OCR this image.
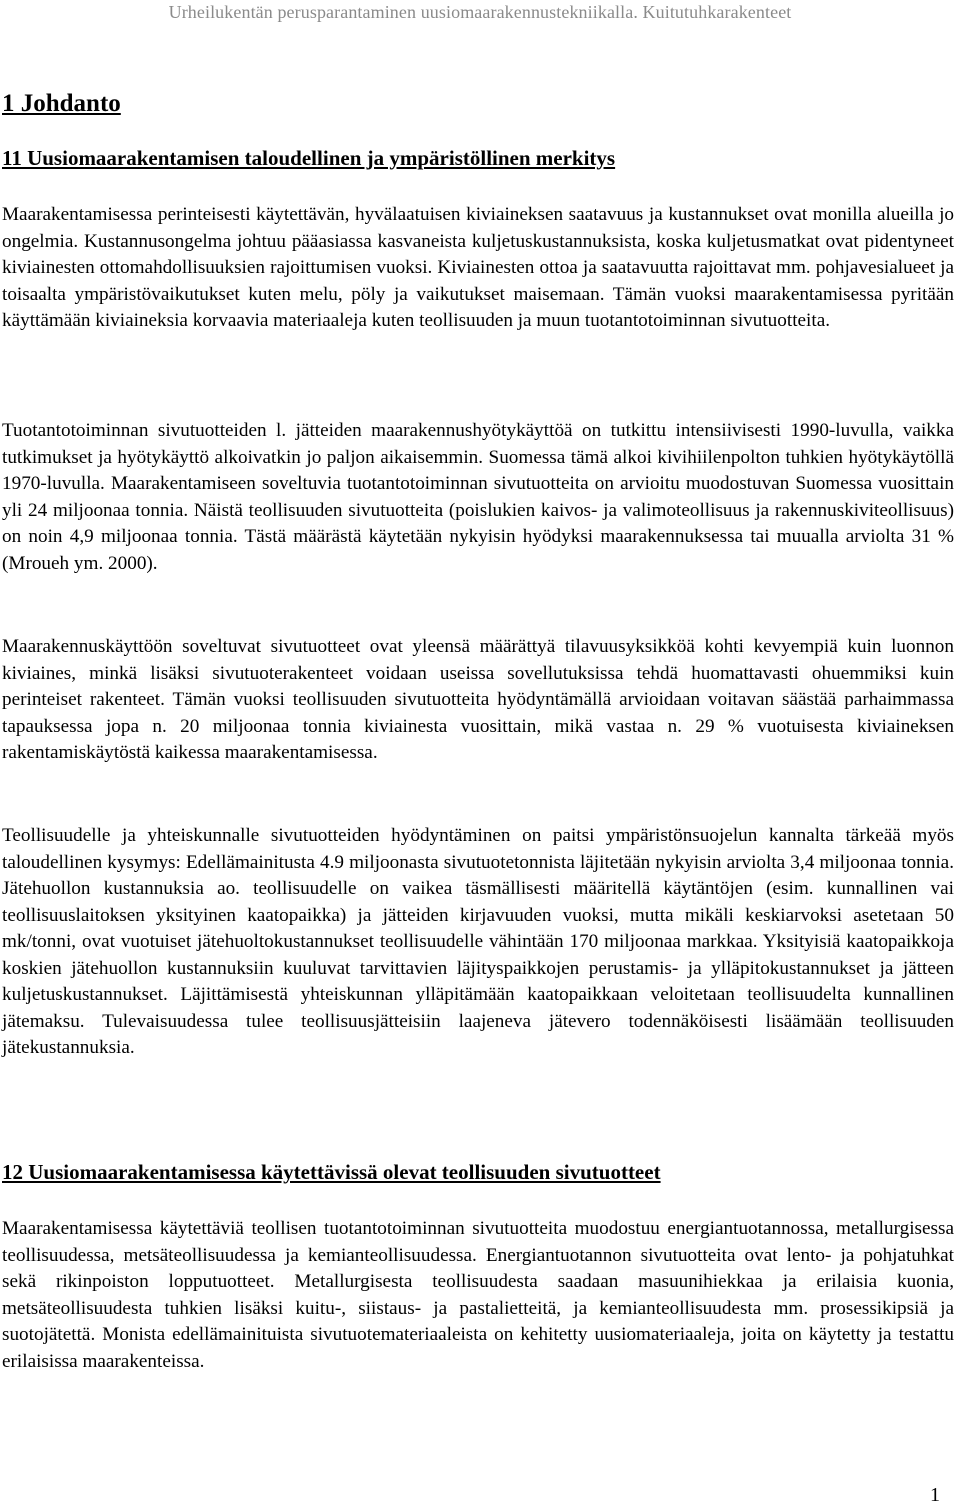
Urheilukentän perusparantaminen uusiomaarakennustekniikalla. Kuitutuhkarakenteet
1 Johdanto
11 Uusiomaarakentamisen taloudellinen ja ympäristöllinen merkitys

Maarakentamisessa perinteisesti käytettävän, hyvälaatuisen kiviaineksen saatavuus ja kustannukset ovat monilla alueilla jo ongelmia. Kustannusongelma johtuu pääasiassa kasvaneista kuljetuskustannuksista, koska kuljetusmatkat ovat pidentyneet kiviainesten ottomahdollisuuksien rajoittumisen vuoksi. Kiviainesten ottoa ja saatavuutta rajoittavat mm. pohjavesialueet ja toisaalta ympäristövaikutukset kuten melu, pöly ja vaikutukset maisemaan. Tämän vuoksi maarakentamisessa pyritään käyttämään kiviaineksia korvaavia materiaaleja kuten teollisuuden ja muun tuotantotoiminnan sivutuotteita.

Tuotantotoiminnan sivutuotteiden l. jätteiden maarakennushyötykäyttöä on tutkittu intensiivisesti 1990-luvulla, vaikka tutkimukset ja hyötykäyttö alkoivatkin jo paljon aikaisemmin. Suomessa tämä alkoi kivihiilenpolton tuhkien hyötykäytöllä 1970-luvulla. Maarakentamiseen soveltuvia tuotantotoiminnan sivutuotteita on arvioitu muodostuvan Suomessa vuosittain yli 24 miljoonaa tonnia. Näistä teollisuuden sivutuotteita (poislukien kaivos- ja valimoteollisuus ja rakennuskiviteollisuus) on noin 4,9 miljoonaa tonnia. Tästä määrästä käytetään nykyisin hyödyksi maarakennuksessa tai muualla arviolta 31 % (Mroueh ym. 2000).

Maarakennuskäyttöön soveltuvat sivutuotteet ovat yleensä määrättyä tilavuusyksikköä kohti kevyempiä kuin luonnon kiviaines, minkä lisäksi sivutuoterakenteet voidaan useissa sovellutuksissa tehdä huomattavasti ohuemmiksi kuin perinteiset rakenteet. Tämän vuoksi teollisuuden sivutuotteita hyödyntämällä arvioidaan voitavan säästää parhaimmassa tapauksessa jopa n. 20 miljoonaa tonnia kiviainesta vuosittain, mikä vastaa n. 29 % vuotuisesta kiviaineksen rakentamiskäytöstä kaikessa maarakentamisessa.

Teollisuudelle ja yhteiskunnalle sivutuotteiden hyödyntäminen on paitsi ympäristönsuojelun kannalta tärkeää myös taloudellinen kysymys: Edellämainitusta 4.9 miljoonasta sivutuotetonnista läjitetään nykyisin arviolta 3,4 miljoonaa tonnia. Jätehuollon kustannuksia ao. teollisuudelle on vaikea täsmällisesti määritellä käytäntöjen (esim. kunnallinen vai teollisuuslaitoksen yksityinen kaatopaikka) ja jätteiden kirjavuuden vuoksi, mutta mikäli keskiarvoksi asetetaan 50 mk/tonni, ovat vuotuiset jätehuoltokustannukset teollisuudelle vähintään 170 miljoonaa markkaa. Yksityisiä kaatopaikkoja koskien jätehuollon kustannuksiin kuuluvat tarvittavien läjityspaikkojen perustamis- ja ylläpitokustannukset ja jätteen kuljetuskustannukset. Läjittämisestä yhteiskunnan ylläpitämään kaatopaikkaan veloitetaan teollisuudelta kunnallinen jätemaksu. Tulevaisuudessa tulee teollisuusjätteisiin laajeneva jätevero todennäköisesti lisäämään teollisuuden jätekustannuksia.

12 Uusiomaarakentamisessa käytettävissä olevat teollisuuden sivutuotteet

Maarakentamisessa käytettäviä teollisen tuotantotoiminnan sivutuotteita muodostuu energiantuotannossa, metallurgisessa teollisuudessa, metsäteollisuudessa ja kemianteollisuudessa. Energiantuotannon sivutuotteita ovat lento- ja pohjatuhkat sekä rikinpoiston lopputuotteet. Metallurgisesta teollisuudesta saadaan masuunihiekkaa ja erilaisia kuonia, metsäteollisuudesta tuhkien lisäksi kuitu-, siistaus- ja pastalietteitä, ja kemianteollisuudesta mm. prosessikipsiä ja suotojätettä. Monista edellämainituista sivutuotemateriaaleista on kehitetty uusiomateriaaleja, joita on käytetty ja testattu erilaisissa maarakenteissa.

1
